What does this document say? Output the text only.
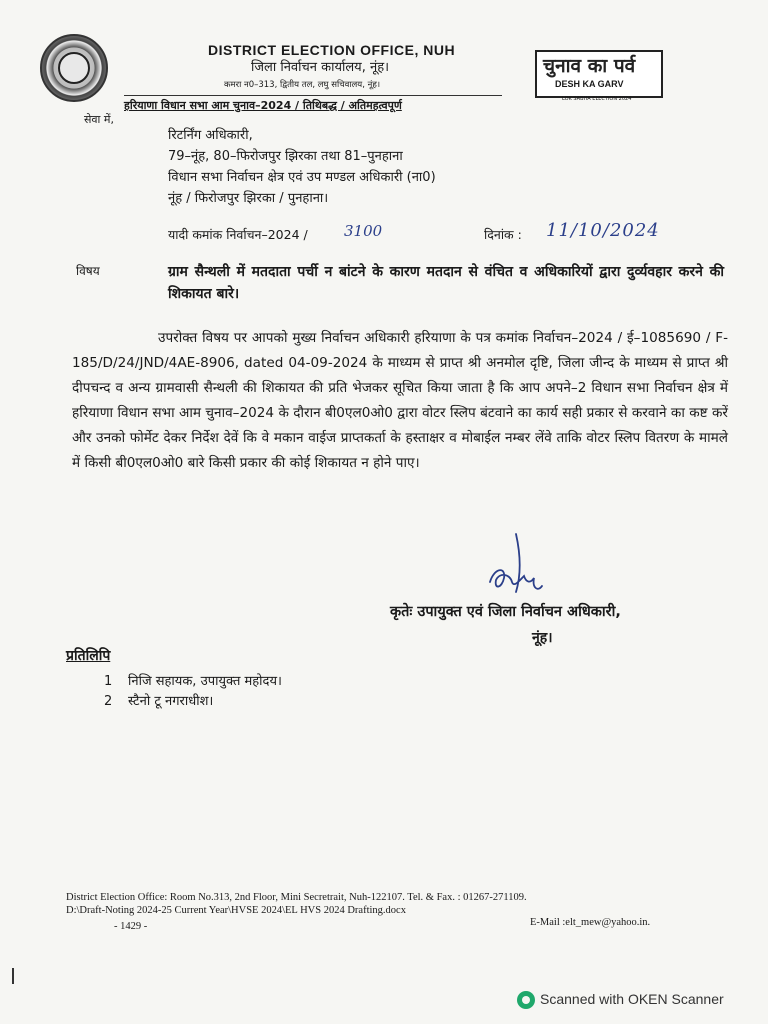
DISTRICT ELECTION OFFICE, NUH
जिला निर्वाचन कार्यालय, नूंह।
कमरा न0–313, द्वितीय तल, लघु सचिवालय, नूंह।
हरियाणा विधान सभा आम चुनाव–2024 / तिथिबद्ध / अतिमहत्वपूर्ण
चुनाव का पर्व
DESH KA GARV
LOK SABHA ELECTION 2024
सेवा में,
रिटर्निंग अधिकारी,
79–नूंह, 80–फिरोजपुर झिरका तथा 81–पुनहाना
विधान सभा निर्वाचन क्षेत्र एवं उप मण्डल अधिकारी (ना0)
नूंह / फिरोजपुर झिरका / पुनहाना।
यादी कमांक निर्वाचन–2024 / 3100	दिनांक : 11/10/2024
विषय	ग्राम सैन्थली में मतदाता पर्ची न बांटने के कारण मतदान से वंचित व अधिकारियों द्वारा दुर्व्यवहार करने की शिकायत बारे।
उपरोक्त विषय पर आपको मुख्य निर्वाचन अधिकारी हरियाणा के पत्र कमांक निर्वाचन–2024 / ई–1085690 / F-185/D/24/JND/4AE-8906, dated 04-09-2024 के माध्यम से प्राप्त श्री अनमोल दृष्टि, जिला जीन्द के माध्यम से प्राप्त श्री दीपचन्द व अन्य ग्रामवासी सैन्थली की शिकायत की प्रति भेजकर सूचित किया जाता है कि आप अपने–2 विधान सभा निर्वाचन क्षेत्र में हरियाणा विधान सभा आम चुनाव–2024 के दौरान बी0एल0ओ0 द्वारा वोटर स्लिप बंटवाने का कार्य सही प्रकार से करवाने का कष्ट करें और उनको फोर्मेट देकर निर्देश देवें कि वे मकान वाईज प्राप्तकर्ता के हस्ताक्षर व मोबाईल नम्बर लेंवे ताकि वोटर स्लिप वितरण के मामले में किसी बी0एल0ओ0 बारे किसी प्रकार की कोई शिकायत न होने पाए।
कृतेः उपायुक्त एवं जिला निर्वाचन अधिकारी,
नूंह।
प्रतिलिपि
1 निजि सहायक, उपायुक्त महोदय।
2 स्टैनो टू नगराधीश।
District Election Office: Room No.313, 2nd Floor, Mini Secretrait, Nuh-122107. Tel. & Fax. : 01267-271109.
D:\Draft-Noting 2024-25 Current Year\HVSE 2024\EL HVS 2024 Drafting.docx
E-Mail :elt_mew@yahoo.in.
- 1429 -
Scanned with OKEN Scanner
